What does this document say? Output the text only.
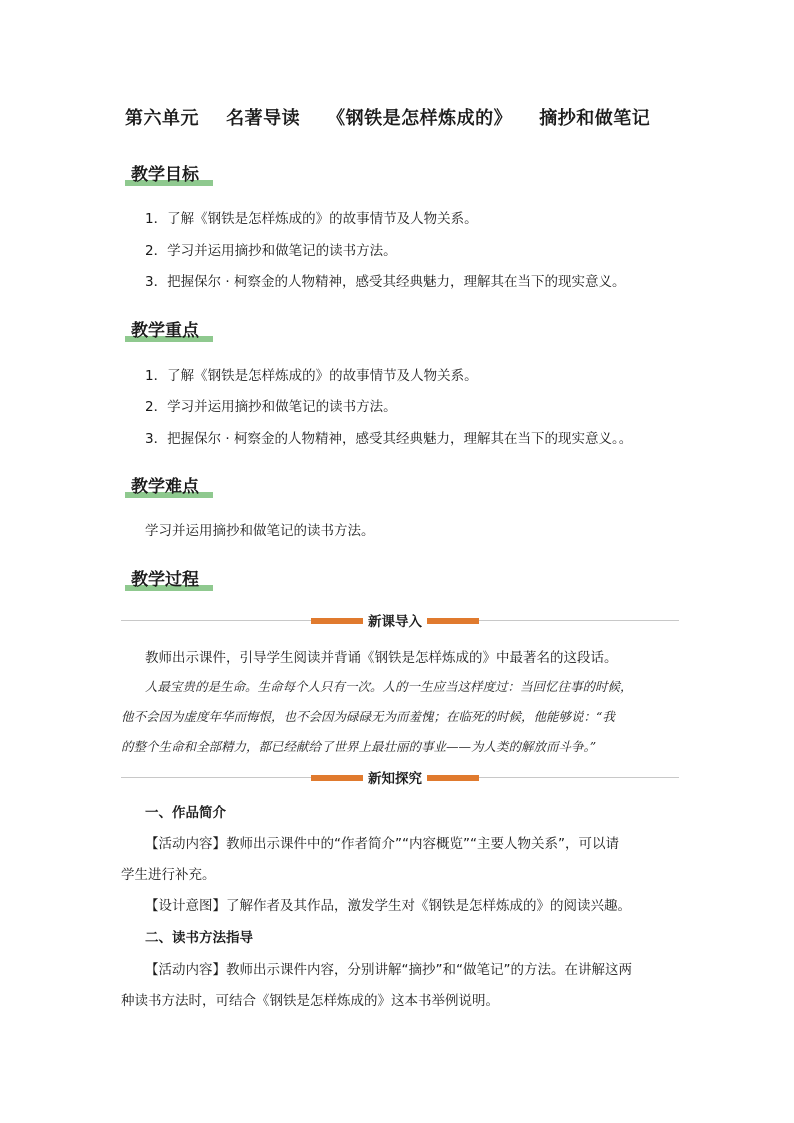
第六单元    名著导读    《钢铁是怎样炼成的》    摘抄和做笔记
教学目标
1．了解《钢铁是怎样炼成的》的故事情节及人物关系。
2．学习并运用摘抄和做笔记的读书方法。
3．把握保尔 · 柯察金的人物精神，感受其经典魅力，理解其在当下的现实意义。
教学重点
1．了解《钢铁是怎样炼成的》的故事情节及人物关系。
2．学习并运用摘抄和做笔记的读书方法。
3．把握保尔 · 柯察金的人物精神，感受其经典魅力，理解其在当下的现实意义。。
教学难点
学习并运用摘抄和做笔记的读书方法。
教学过程
新课导入
教师出示课件，引导学生阅读并背诵《钢铁是怎样炼成的》中最著名的这段话。
人最宝贵的是生命。生命每个人只有一次。人的一生应当这样度过：当回忆往事的时候，
他不会因为虚度年华而悔恨，也不会因为碌碌无为而羞愧；在临死的时候，他能够说：“我
的整个生命和全部精力，都已经献给了世界上最壮丽的事业——为人类的解放而斗争。”
新知探究
一、作品简介
【活动内容】教师出示课件中的“作者简介”“内容概览”“主要人物关系”，可以请
学生进行补充。
【设计意图】了解作者及其作品，激发学生对《钢铁是怎样炼成的》的阅读兴趣。
二、读书方法指导
【活动内容】教师出示课件内容，分别讲解“摘抄”和“做笔记”的方法。在讲解这两
种读书方法时，可结合《钢铁是怎样炼成的》这本书举例说明。
